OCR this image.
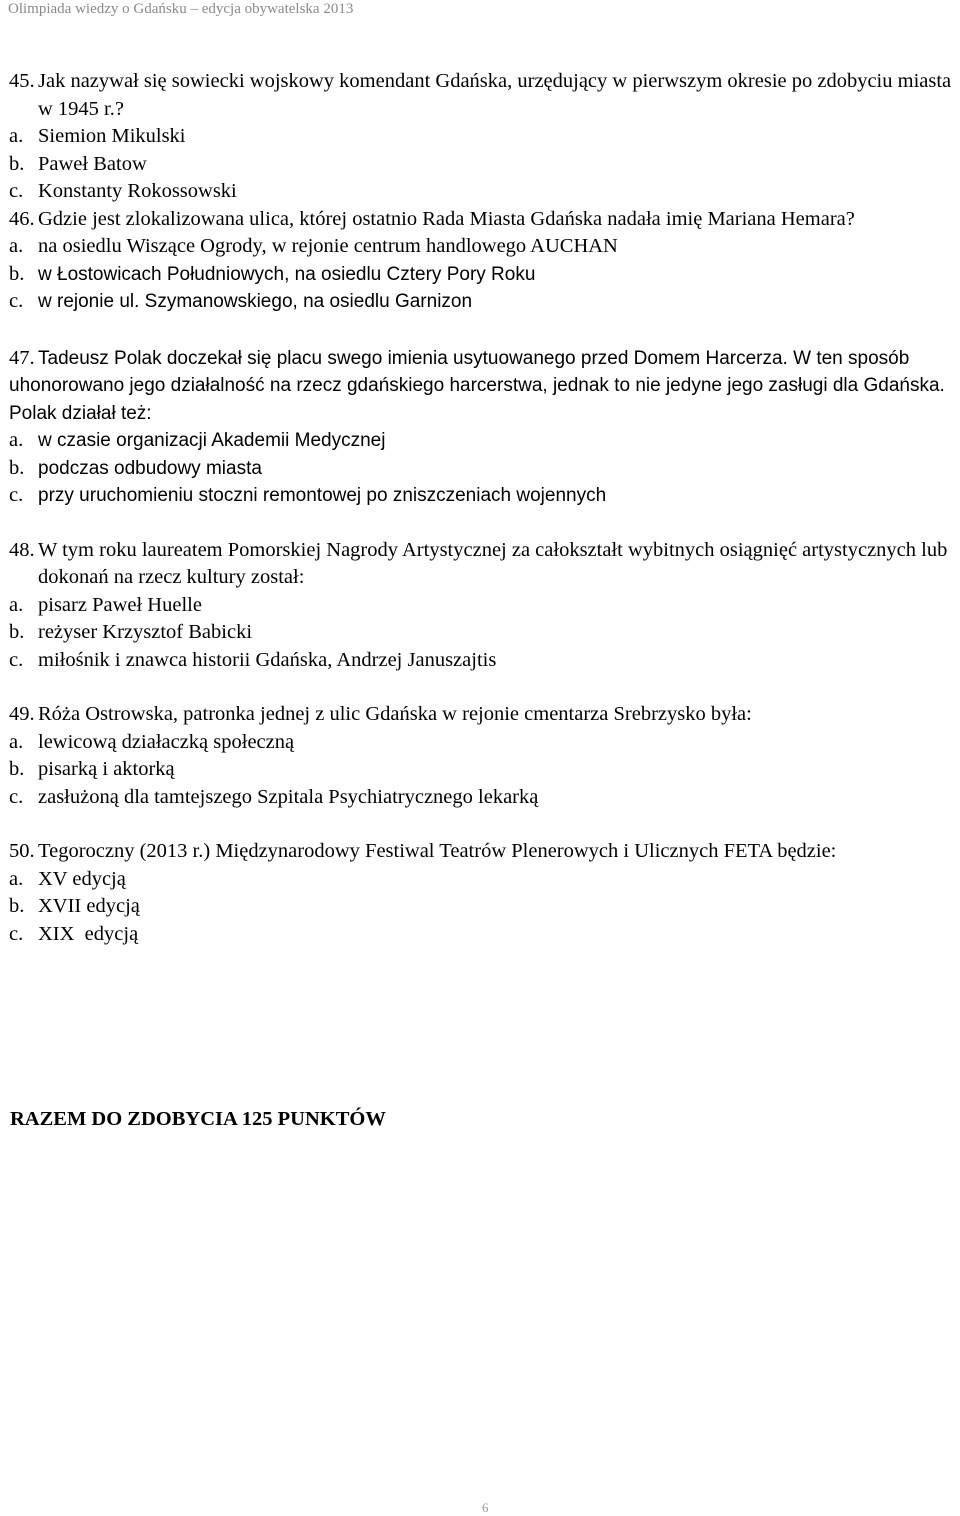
Olimpiada wiedzy o Gdańsku – edycja obywatelska 2013
45. Jak nazywał się sowiecki wojskowy komendant Gdańska, urzędujący w pierwszym okresie po zdobyciu miasta w 1945 r.?
a. Siemion Mikulski
b. Paweł Batow
c. Konstanty Rokossowski
46. Gdzie jest zlokalizowana ulica, której ostatnio Rada Miasta Gdańska nadała imię Mariana Hemara?
a. na osiedlu Wiszące Ogrody, w rejonie centrum handlowego AUCHAN
b. w Łostowicach Południowych, na osiedlu Cztery Pory Roku
c. w rejonie ul. Szymanowskiego, na osiedlu Garnizon
47. Tadeusz Polak doczekał się placu swego imienia usytuowanego przed Domem Harcerza. W ten sposób uhonorowano jego działalność na rzecz gdańskiego harcerstwa, jednak to nie jedyne jego zasługi dla Gdańska. Polak działał też:
a. w czasie organizacji Akademii Medycznej
b. podczas odbudowy miasta
c. przy uruchomieniu stoczni remontowej po zniszczeniach wojennych
48. W tym roku laureatem Pomorskiej Nagrody Artystycznej za całokształt wybitnych osiągnięć artystycznych lub dokonań na rzecz kultury został:
a. pisarz Paweł Huelle
b. reżyser Krzysztof Babicki
c. miłośnik i znawca historii Gdańska, Andrzej Januszajtis
49. Róża Ostrowska, patronka jednej z ulic Gdańska w rejonie cmentarza Srebrzysko była:
a. lewicową działaczką społeczną
b. pisarką i aktorką
c. zasłużoną dla tamtejszego Szpitala Psychiatrycznego lekarką
50. Tegoroczny (2013 r.) Międzynarodowy Festiwal Teatrów Plenerowych i Ulicznych FETA będzie:
a. XV edycją
b. XVII edycją
c. XIX  edycją
RAZEM DO ZDOBYCIA 125 PUNKTÓW
6
